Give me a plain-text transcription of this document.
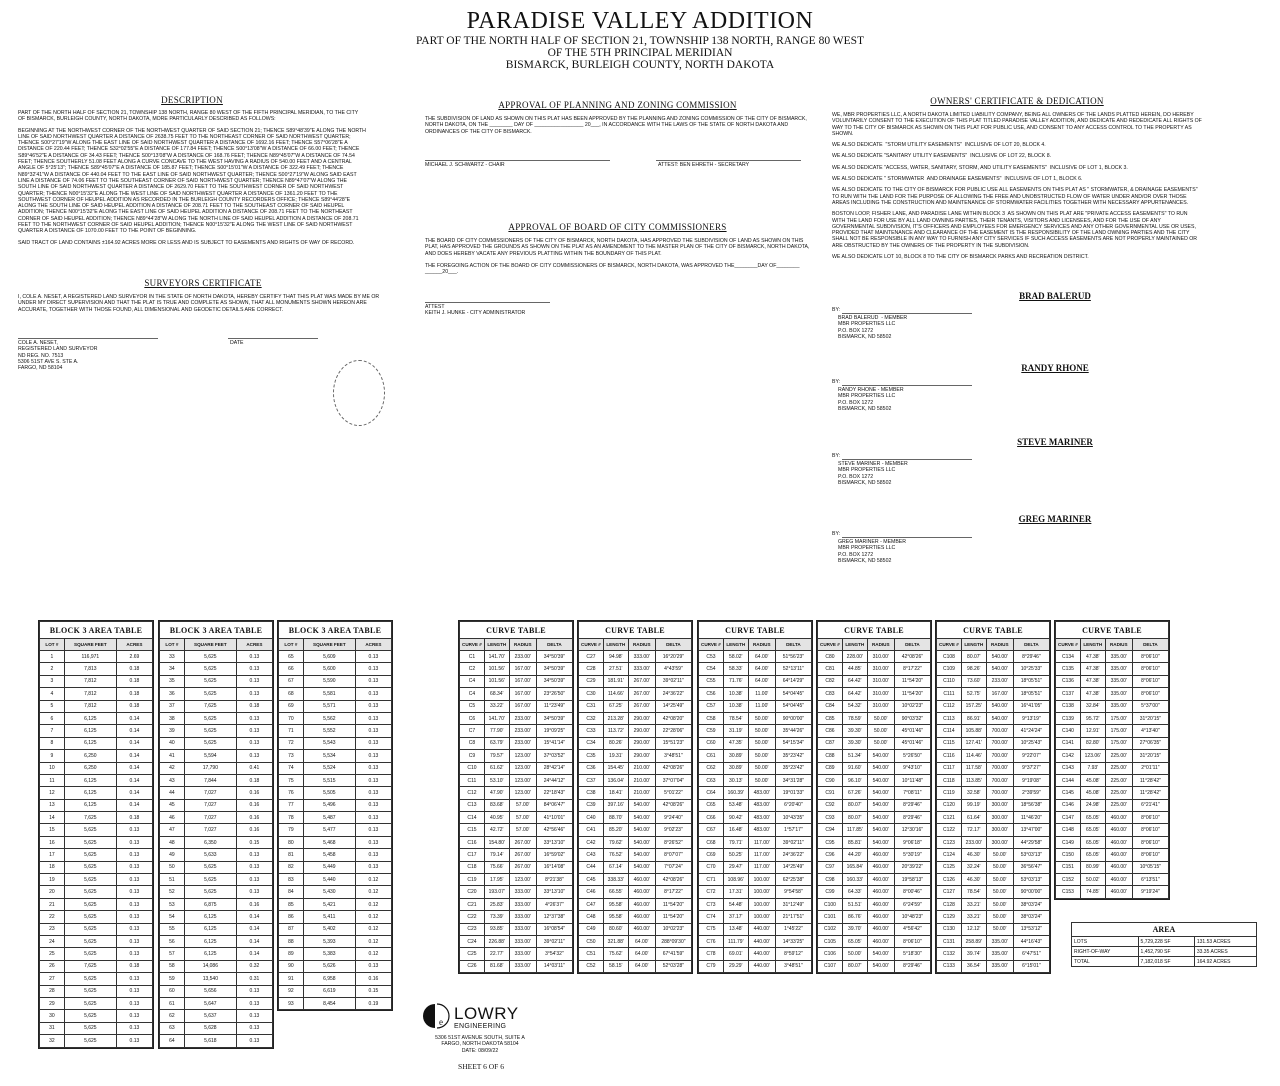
PARADISE VALLEY ADDITION
PART OF THE NORTH HALF OF SECTION 21, TOWNSHIP 138 NORTH, RANGE 80 WEST
OF THE 5TH PRINCIPAL MERIDIAN
BISMARCK, BURLEIGH COUNTY, NORTH DAKOTA
DESCRIPTION
PART OF THE NORTH HALF OF SECTION 21, TOWNSHIP 138 NORTH, RANGE 80 WEST OF THE FIFTH PRINCIPAL MERIDIAN, TO THE CITY OF BISMARCK, BURLEIGH COUNTY, NORTH DAKOTA, MORE PARTICULARLY DESCRIBED AS FOLLOWS:
BEGINNING AT THE NORTHWEST CORNER OF THE NORTHWEST QUARTER OF SAID SECTION 21; THENCE S89°48'39"E ALONG THE NORTH LINE OF SAID NORTHWEST QUARTER A DISTANCE OF 2638.75 FEET TO THE NORTHEAST CORNER OF SAID NORTHWEST QUARTER; THENCE S00°27'19"W ALONG THE EAST LINE OF SAID NORTHWEST QUARTER A DISTANCE OF 1692.16 FEET; THENCE S57°06'28"E A DISTANCE OF 220.44 FEET; THENCE S32°02'55"E A DISTANCE OF 177.84 FEET; THENCE S00°13'08"W A DISTANCE OF 66.00 FEET; THENCE S89°46'52"E A DISTANCE OF 34.43 FEET; THENCE S00°13'08"W A DISTANCE OF 168.76 FEET; THENCE N89°45'07"W A DISTANCE OF 74.54 FEET; THENCE SOUTHERLY 51.08 FEET ALONG A CURVE CONCAVE TO THE WEST HAVING A RADIUS OF 540.00 FEET AND A CENTRAL ANGLE OF 5°25'13"; THENCE S89°45'07"E A DISTANCE OF 185.87 FEET; THENCE S00°15'01"W A DISTANCE OF 322.49 FEET; THENCE N89°32'41"W A DISTANCE OF 440.04 FEET TO THE EAST LINE OF SAID NORTHWEST QUARTER; THENCE S00°27'19"W ALONG SAID EAST LINE A DISTANCE OF 74.06 FEET TO THE SOUTHEAST CORNER OF SAID NORTHWEST QUARTER; THENCE N89°47'07"W ALONG THE SOUTH LINE OF SAID NORTHWEST QUARTER A DISTANCE OF 2629.70 FEET TO THE SOUTHWEST CORNER OF SAID NORTHWEST QUARTER; THENCE N00°15'32"E ALONG THE WEST LINE OF SAID NORTHWEST QUARTER A DISTANCE OF 1361.20 FEET TO THE SOUTHWEST CORNER OF HEUPEL ADDITION AS RECORDED IN THE BURLEIGH COUNTY RECORDERS OFFICE; THENCE S89°44'28"E ALONG THE SOUTH LINE OF SAID HEUPEL ADDITION A DISTANCE OF 208.71 FEET TO THE SOUTHEAST CORNER OF SAID HEUPEL ADDITION; THENCE N00°15'32"E ALONG THE EAST LINE OF SAID HEUPEL ADDITION A DISTANCE OF 208.71 FEET TO THE NORTHEAST CORNER OF SAID HEUPEL ADDITION; THENCE N89°44'28"W ALONG THE NORTH LINE OF SAID HEUPEL ADDITION A DISTANCE OF 208.71 FEET TO THE NORTHWEST CORNER OF SAID HEUPEL ADDITION; THENCE N00°15'32"E ALONG THE WEST LINE OF SAID NORTHWEST QUARTER A DISTANCE OF 1070.00 FEET TO THE POINT OF BEGINNING.
SAID TRACT OF LAND CONTAINS ±164.92 ACRES MORE OR LESS AND IS SUBJECT TO EASEMENTS AND RIGHTS OF WAY OF RECORD.
SURVEYORS CERTIFICATE
I, COLE A. NESET, A REGISTERED LAND SURVEYOR IN THE STATE OF NORTH DAKOTA, HEREBY CERTIFY THAT THIS PLAT WAS MADE BY ME OR UNDER MY DIRECT SUPERVISION AND THAT THE PLAT IS TRUE AND COMPLETE AS SHOWN, THAT ALL MONUMENTS SHOWN HEREON ARE ACCURATE, TOGETHER WITH THOSE FOUND, ALL DIMENSIONAL AND GEODETIC DETAILS ARE CORRECT.
COLE A. NESET,
REGISTERED LAND SURVEYOR
ND REG. NO. 7513
5306 51ST AVE S. STE A.
FARGO, ND 58104
DATE
APPROVAL OF PLANNING AND ZONING COMMISSION
THE SUBDIVISION OF LAND AS SHOWN ON THIS PLAT HAS BEEN APPROVED BY THE PLANNING AND ZONING COMMISSION OF THE CITY OF BISMARCK, NORTH DAKOTA, ON THE ________ DAY OF _________________ 20___, IN ACCORDANCE WITH THE LAWS OF THE STATE OF NORTH DAKOTA AND ORDINANCES OF THE CITY OF BISMARCK.
MICHAEL J. SCHWARTZ - CHAIR	ATTEST: BEN EHRETH - SECRETARY
APPROVAL OF BOARD OF CITY COMMISSIONERS
THE BOARD OF CITY COMMISSIONERS OF THE CITY OF BISMARCK, NORTH DAKOTA, HAS APPROVED THE SUBDIVISION OF LAND AS SHOWN ON THIS PLAT, HAS APPROVED THE GROUNDS AS SHOWN ON THE PLAT AS AN AMENDMENT TO THE MASTER PLAN OF THE CITY OF BISMARCK, NORTH DAKOTA, AND DOES HEREBY VACATE ANY PREVIOUS PLATTING WITHIN THE BOUNDARY OF THIS PLAT.
THE FOREGOING ACTION OF THE BOARD OF CITY COMMISSIONERS OF BISMARCK, NORTH DAKOTA, WAS APPROVED THE________DAY OF________ ______20___.
ATTEST
KEITH J. HUNKE - CITY ADMINISTRATOR
OWNERS' CERTIFICATE & DEDICATION
WE, MBR PROPERTIES LLC, A NORTH DAKOTA LIMITED LIABILITY COMPANY, BEING ALL OWNERS OF THE LANDS PLATTED HEREIN, DO HEREBY VOLUNTARILY CONSENT TO THE EXECUTION OF THIS PLAT TITLED PARADISE VALLEY ADDITION, AND DEDICATE AND REDEDICATE ALL RIGHTS OF WAY TO THE CITY OF BISMARCK AS SHOWN ON THIS PLAT FOR PUBLIC USE, AND CONSENT TO ANY ACCESS CONTROL TO THE PROPERTY AS SHOWN.
WE ALSO DEDICATE  "STORM UTILITY EASEMENTS"  INCLUSIVE OF LOT 20, BLOCK 4.
WE ALSO DEDICATE "SANITARY UTILITY EASEMENTS"  INCLUSIVE OF LOT 22, BLOCK 8.
WE ALSO DEDICATE "ACCESS, WATER, SANITARY, STORM, AND UTILITY EASEMENTS"  INCLUSIVE OF LOT 1, BLOCK 3.
WE ALSO DEDICATE " STORMWATER  AND DRAINAGE EASEMENTS"  INCLUSIVE OF LOT 1, BLOCK 6.
WE ALSO DEDICATE TO THE CITY OF BISMARCK FOR PUBLIC USE ALL EASEMENTS ON THIS PLAT AS " STORMWATER, & DRAINAGE EASEMENTS" TO RUN WITH THE LAND FOR THE PURPOSE OF ALLOWING THE FREE AND UNOBSTRUCTED FLOW OF WATER UNDER AND/OR OVER THOSE AREAS INCLUDING THE CONSTRUCTION AND MAINTENANCE OF STORMWATER FACILITIES TOGETHER WITH NECESSARY APPURTENANCES.
BOSTON LOOP, FISHER LANE, AND PARADISE LANE WITHIN BLOCK 3  AS SHOWN ON THIS PLAT ARE "PRIVATE ACCESS EASEMENTS" TO RUN WITH THE LAND FOR USE BY ALL LAND OWNING PARTIES, THEIR TENANTS, VISITORS AND LICENSEES, AND FOR THE USE OF ANY GOVERNMENTAL SUBDIVISION, IT'S OFFICERS AND EMPLOYEES FOR EMERGENCY SERVICES AND ANY OTHER GOVERNMENTAL USE OR USES, PROVIDED THAT MAINTENANCE AND CLEARANCE OF THE EASEMENT IS THE RESPONSIBILITY OF THE LAND OWNING PARTIES AND THE CITY SHALL NOT BE RESPONSIBLE IN ANY WAY TO FURNISH ANY CITY SERVICES IF SUCH ACCESS EASEMENTS ARE NOT PROPERLY MAINTAINED OR ARE OBSTRUCTED BY THE OWNERS OF THE PROPERTY IN THE SUBDIVISION.
WE ALSO DEDICATE LOT 10, BLOCK 8 TO THE CITY OF BISMARCK PARKS AND RECREATION DISTRICT.
BRAD BALERUD
BY:
BRAD BALERUD  - MEMBER
MBR PROPERTIES LLC
P.O. BOX 1272
BISMARCK, ND 58502
RANDY RHONE
BY:
RANDY RHONE - MEMBER
MBR PROPERTIES LLC
P.O. BOX 1272
BISMARCK, ND 58502
STEVE MARINER
BY:
STEVE MARINER - MEMBER
MBR PROPERTIES LLC
P.O. BOX 1272
BISMARCK, ND 58502
GREG MARINER
BY:
GREG MARINER - MEMBER
MBR PROPERTIES LLC
P.O. BOX 1272
BISMARCK, ND 58502
BLOCK 3 AREA TABLE		
LOT #	SQUARE FEET	ACRES
1	116,971	2.69
2	7,813	0.18
3	7,812	0.18
4	7,812	0.18
5	7,812	0.18
6	6,125	0.14
7	6,125	0.14
8	6,125	0.14
9	6,250	0.14
10	6,250	0.14
11	6,125	0.14
12	6,125	0.14
13	6,125	0.14
14	7,625	0.18
15	5,625	0.13
16	5,625	0.13
17	5,625	0.13
18	5,625	0.13
19	5,625	0.13
20	5,625	0.13
21	5,625	0.13
22	5,625	0.13
23	5,625	0.13
24	5,625	0.13
25	5,625	0.13
26	7,625	0.18
27	5,625	0.13
28	5,625	0.13
29	5,625	0.13
30	5,625	0.13
31	5,625	0.13
32	5,625	0.13
BLOCK 3 AREA TABLE		
LOT #	SQUARE FEET	ACRES
33	5,625	0.13
34	5,625	0.13
35	5,625	0.13
36	5,625	0.13
37	7,625	0.18
38	5,625	0.13
39	5,625	0.13
40	5,625	0.13
41	5,594	0.13
42	17,790	0.41
43	7,844	0.18
44	7,027	0.16
45	7,027	0.16
46	7,027	0.16
47	7,027	0.16
48	6,350	0.15
49	5,633	0.13
50	5,625	0.13
51	5,625	0.13
52	5,625	0.13
53	6,875	0.16
54	6,125	0.14
55	6,125	0.14
56	6,125	0.14
57	6,125	0.14
58	14,086	0.32
59	13,540	0.31
60	5,656	0.13
61	5,647	0.13
62	5,637	0.13
63	5,628	0.13
64	5,618	0.13
BLOCK 3 AREA TABLE		
LOT #	SQUARE FEET	ACRES
65	5,609	0.13
66	5,600	0.13
67	5,590	0.13
68	5,581	0.13
69	5,571	0.13
70	5,562	0.13
71	5,552	0.13
72	5,543	0.13
73	5,534	0.13
74	5,524	0.13
75	5,515	0.13
76	5,505	0.13
77	5,496	0.13
78	5,487	0.13
79	5,477	0.13
80	5,468	0.13
81	5,458	0.13
82	5,449	0.13
83	5,440	0.12
84	5,430	0.12
85	5,421	0.12
86	5,411	0.12
87	5,402	0.12
88	5,393	0.12
89	5,383	0.12
90	5,626	0.13
91	6,958	0.16
92	6,619	0.15
93	8,454	0.19
CURVE TABLE			
CURVE #	LENGTH	RADIUS	DELTA
C1	141.70'	233.00'	34°50'39"
C2	101.56'	167.00'	34°50'39"
C4	101.56'	167.00'	34°50'39"
C4	68.34'	167.00'	23°26'50"
C5	33.22'	167.00'	11°23'49"
C6	141.70'	233.00'	34°50'39"
C7	77.90'	233.00'	19°09'25"
C8	63.79'	233.00'	15°41'14"
C9	79.57'	123.00'	37°03'52"
C10	61.62'	123.00'	28°42'14"
C11	53.10'	123.00'	24°44'12"
C12	47.90'	123.00'	22°18'43"
C13	83.68'	57.00'	84°06'47"
C14	40.95'	57.00'	41°10'01"
C15	42.72'	57.00'	42°56'46"
C16	154.80'	267.00'	33°13'10"
C17	79.14'	267.00'	16°59'02"
C18	75.66'	267.00'	16°14'08"
C19	17.95'	123.00'	8°21'38"
C20	193.07'	333.00'	33°13'10"
C21	25.83'	333.00'	4°26'37"
C22	73.39'	333.00'	12°37'38"
C23	93.85'	333.00'	16°08'54"
C24	226.88'	333.00'	39°02'11"
C25	22.77'	333.00'	3°54'32"
C26	81.68'	333.00'	14°03'11"
CURVE TABLE			
CURVE #	LENGTH	RADIUS	DELTA
C27	94.98'	333.00'	16°20'29"
C28	27.51'	333.00'	4°43'59"
C29	181.91'	267.00'	39°02'11"
C30	114.66'	267.00'	24°36'22"
C31	67.25'	267.00'	14°25'49"
C32	213.28'	290.00'	42°08'20"
C33	113.72'	290.00'	22°28'06"
C34	80.26'	290.00'	15°51'23"
C35	19.31'	290.00'	3°48'51"
C36	154.45'	210.00'	42°08'26"
C37	136.04'	210.00'	37°07'04"
C38	18.41'	210.00'	5°01'22"
C39	397.16'	540.00'	42°08'26"
C40	88.70'	540.00'	9°24'40"
C41	85.20'	540.00'	9°02'23"
C42	79.62'	540.00'	8°26'52"
C43	76.52'	540.00'	8°07'07"
C44	67.14'	540.00'	7°07'24"
C45	338.33'	460.00'	42°08'26"
C46	66.55'	460.00'	8°17'22"
C47	95.58'	460.00'	11°54'20"
C48	95.58'	460.00'	11°54'20"
C49	80.60'	460.00'	10°02'23"
C50	321.88'	64.00'	288°09'30"
C51	75.62'	64.00'	67°41'59"
C52	58.15'	64.00'	52°03'28"
CURVE TABLE			
CURVE #	LENGTH	RADIUS	DELTA
C53	58.02'	64.00'	51°56'23"
C54	58.33'	64.00'	52°13'11"
C55	71.76'	64.00'	64°14'29"
C56	10.38'	11.00'	54°04'45"
C57	10.38'	11.00'	54°04'45"
C58	78.54'	50.00'	90°00'00"
C59	31.19'	50.00'	35°44'26"
C60	47.35'	50.00'	54°15'34"
C61	30.89'	50.00'	35°23'42"
C62	30.89'	50.00'	35°23'42"
C63	30.13'	50.00'	34°31'28"
C64	160.39'	483.00'	19°01'33"
C65	53.48'	483.00'	6°20'40"
C66	90.42'	483.00'	10°43'35"
C67	16.48'	483.00'	1°57'17"
C68	79.71'	117.00'	39°02'11"
C69	50.25'	117.00'	24°36'22"
C70	29.47'	117.00'	14°25'49"
C71	108.96'	100.00'	62°25'38"
C72	17.31'	100.00'	9°54'58"
C73	54.48'	100.00'	31°12'49"
C74	37.17'	100.00'	21°17'51"
C75	13.48'	440.00'	1°45'22"
C76	111.79'	440.00'	14°33'25"
C78	69.01'	440.00'	8°59'12"
C79	29.29'	440.00'	3°48'51"
CURVE TABLE			
CURVE #	LENGTH	RADIUS	DELTA
C80	228.00'	310.00'	42°08'26"
C81	44.85'	310.00'	8°17'22"
C82	64.42'	310.00'	11°54'20"
C83	64.42'	310.00'	11°54'20"
C84	54.32'	310.00'	10°02'23"
C85	78.59'	50.00'	90°03'32"
C86	39.30'	50.00'	45°01'46"
C87	39.30'	50.00'	45°01'46"
C88	51.34'	540.00'	5°26'50"
C89	91.60'	540.00'	9°43'10"
C90	96.10'	540.00'	10°11'48"
C91	67.26'	540.00'	7°08'11"
C92	80.07'	540.00'	8°29'46"
C93	80.07'	540.00'	8°29'46"
C94	117.85'	540.00'	12°30'16"
C95	85.81'	540.00'	9°06'18"
C96	44.20'	460.00'	5°30'19"
C97	165.84'	460.00'	20°39'22"
C98	160.33'	460.00'	19°58'13"
C99	64.33'	460.00'	8°00'46"
C100	51.51'	460.00'	6°24'59"
C101	86.76'	460.00'	10°48'23"
C102	39.70'	460.00'	4°56'42"
C105	65.05'	460.00'	8°06'10"
C106	50.00'	540.00'	5°18'30"
C107	80.07'	540.00'	8°29'46"
CURVE TABLE			
CURVE #	LENGTH	RADIUS	DELTA
C108	80.07'	540.00'	8°29'46"
C109	98.26'	540.00'	10°25'33"
C110	73.60'	233.00'	18°05'51"
C111	52.75'	167.00'	18°05'51"
C112	157.25'	540.00'	16°41'05"
C113	86.91'	540.00'	9°13'19"
C114	105.88'	700.00'	41°24'24"
C115	127.41'	700.00'	10°25'43"
C116	114.46'	700.00'	9°22'07"
C117	117.58'	700.00'	9°37'27"
C118	113.85'	700.00'	9°19'08"
C119	32.58'	700.00'	2°39'59"
C120	99.19'	300.00'	18°56'38"
C121	61.64'	300.00'	11°46'20"
C122	72.17'	300.00'	13°47'00"
C123	233.00'	300.00'	44°29'58"
C124	46.30'	50.00'	53°03'13"
C125	32.24'	50.00'	36°56'47"
C126	46.30'	50.00'	53°03'13"
C127	78.54'	50.00'	90°00'00"
C128	33.21'	50.00'	38°03'24"
C129	33.21'	50.00'	38°03'24"
C130	12.12'	50.00'	13°53'12"
C131	258.89'	335.00'	44°16'43"
C132	39.74'	335.00'	6°47'51"
C133	36.54'	335.00'	6°15'01"
CURVE TABLE			
CURVE #	LENGTH	RADIUS	DELTA
C134	47.38'	335.00'	8°06'10"
C135	47.38'	335.00'	8°06'10"
C136	47.38'	335.00'	8°06'10"
C137	47.38'	335.00'	8°06'10"
C138	32.84'	335.00'	5°37'00"
C139	95.72'	175.00'	31°20'15"
C140	12.91'	175.00'	4°13'40"
C141	82.80'	175.00'	27°06'35"
C142	123.06'	225.00'	31°20'15"
C143	7.93'	225.00'	2°01'11"
C144	45.08'	225.00'	11°28'42"
C145	45.08'	225.00'	11°28'42"
C146	24.98'	225.00'	6°21'41"
C147	65.05'	460.00'	8°06'10"
C148	65.05'	460.00'	8°06'10"
C149	65.05'	460.00'	8°06'10"
C150	65.05'	460.00'	8°06'10"
C151	80.99'	460.00'	10°05'15"
C152	50.02'	460.00'	6°13'51"
C153	74.85'	460.00'	9°19'24"
AREA
LOTS	5,729,228 SF	131.53 ACRES
RIGHT-OF-WAY	1,452,790 SF	33.35 ACRES
TOTAL	7,182,018 SF	164.92 ACRES
e LOWRY
ENGINEERING
5306 51ST AVENUE SOUTH, SUITE A
FARGO, NORTH DAKOTA 58104
DATE: 08/09/22
SHEET 6 OF 6
